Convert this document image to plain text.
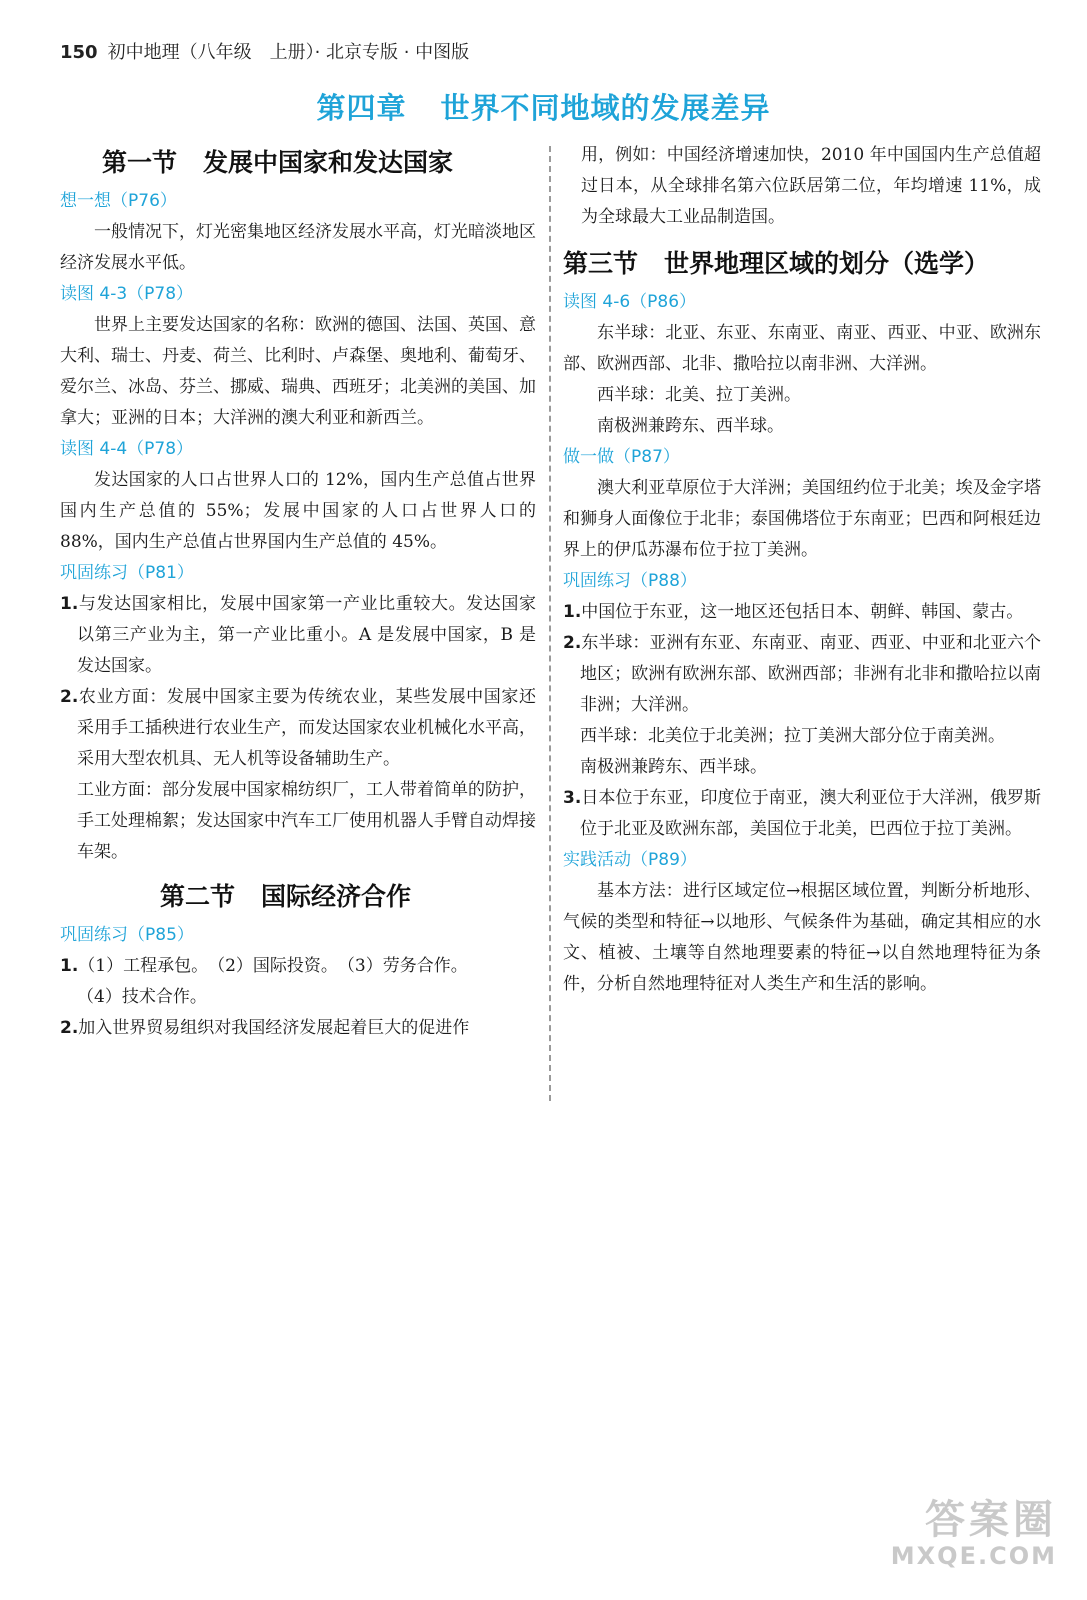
150 初中地理（八年级　上册）· 北京专版 · 中图版
第四章 世界不同地域的发展差异
第一节 发展中国家和发达国家
想一想（P76）

一般情况下，灯光密集地区经济发展水平高，灯光暗淡地区经济发展水平低。

读图 4-3（P78）

世界上主要发达国家的名称：欧洲的德国、法国、英国、意大利、瑞士、丹麦、荷兰、比利时、卢森堡、奥地利、葡萄牙、爱尔兰、冰岛、芬兰、挪威、瑞典、西班牙；北美洲的美国、加拿大；亚洲的日本；大洋洲的澳大利亚和新西兰。

读图 4-4（P78）

发达国家的人口占世界人口的 12%，国内生产总值占世界国内生产总值的 55%；发展中国家的人口占世界人口的 88%，国内生产总值占世界国内生产总值的 45%。

巩固练习（P81）

1.与发达国家相比，发展中国家第一产业比重较大。发达国家以第三产业为主，第一产业比重小。A 是发展中国家，B 是发达国家。

2.农业方面：发展中国家主要为传统农业，某些发展中国家还采用手工插秧进行农业生产，而发达国家农业机械化水平高，采用大型农机具、无人机等设备辅助生产。

工业方面：部分发展中国家棉纺织厂，工人带着简单的防护，手工处理棉絮；发达国家中汽车工厂使用机器人手臂自动焊接车架。

第二节 国际经济合作
巩固练习（P85）

1.（1）工程承包。　（2）国际投资。　（3）劳务合作。

（4）技术合作。

2.加入世界贸易组织对我国经济发展起着巨大的促进作

用，例如：中国经济增速加快，2010 年中国国内生产总值超过日本，从全球排名第六位跃居第二位，年均增速 11%，成为全球最大工业品制造国。

第三节 世界地理区域的划分（选学）
读图 4-6（P86）

东半球：北亚、东亚、东南亚、南亚、西亚、中亚、欧洲东部、欧洲西部、北非、撒哈拉以南非洲、大洋洲。

西半球：北美、拉丁美洲。

南极洲兼跨东、西半球。

做一做（P87）

澳大利亚草原位于大洋洲；美国纽约位于北美；埃及金字塔和狮身人面像位于北非；泰国佛塔位于东南亚；巴西和阿根廷边界上的伊瓜苏瀑布位于拉丁美洲。

巩固练习（P88）

1.中国位于东亚，这一地区还包括日本、朝鲜、韩国、蒙古。

2.东半球：亚洲有东亚、东南亚、南亚、西亚、中亚和北亚六个地区；欧洲有欧洲东部、欧洲西部；非洲有北非和撒哈拉以南非洲；大洋洲。

西半球：北美位于北美洲；拉丁美洲大部分位于南美洲。

南极洲兼跨东、西半球。

3.日本位于东亚，印度位于南亚，澳大利亚位于大洋洲，俄罗斯位于北亚及欧洲东部，美国位于北美，巴西位于拉丁美洲。

实践活动（P89）

基本方法：进行区域定位→根据区域位置，判断分析地形、气候的类型和特征→以地形、气候条件为基础，确定其相应的水文、植被、土壤等自然地理要素的特征→以自然地理特征为条件，分析自然地理特征对人类生产和生活的影响。

答案圈
MXQE.COM
